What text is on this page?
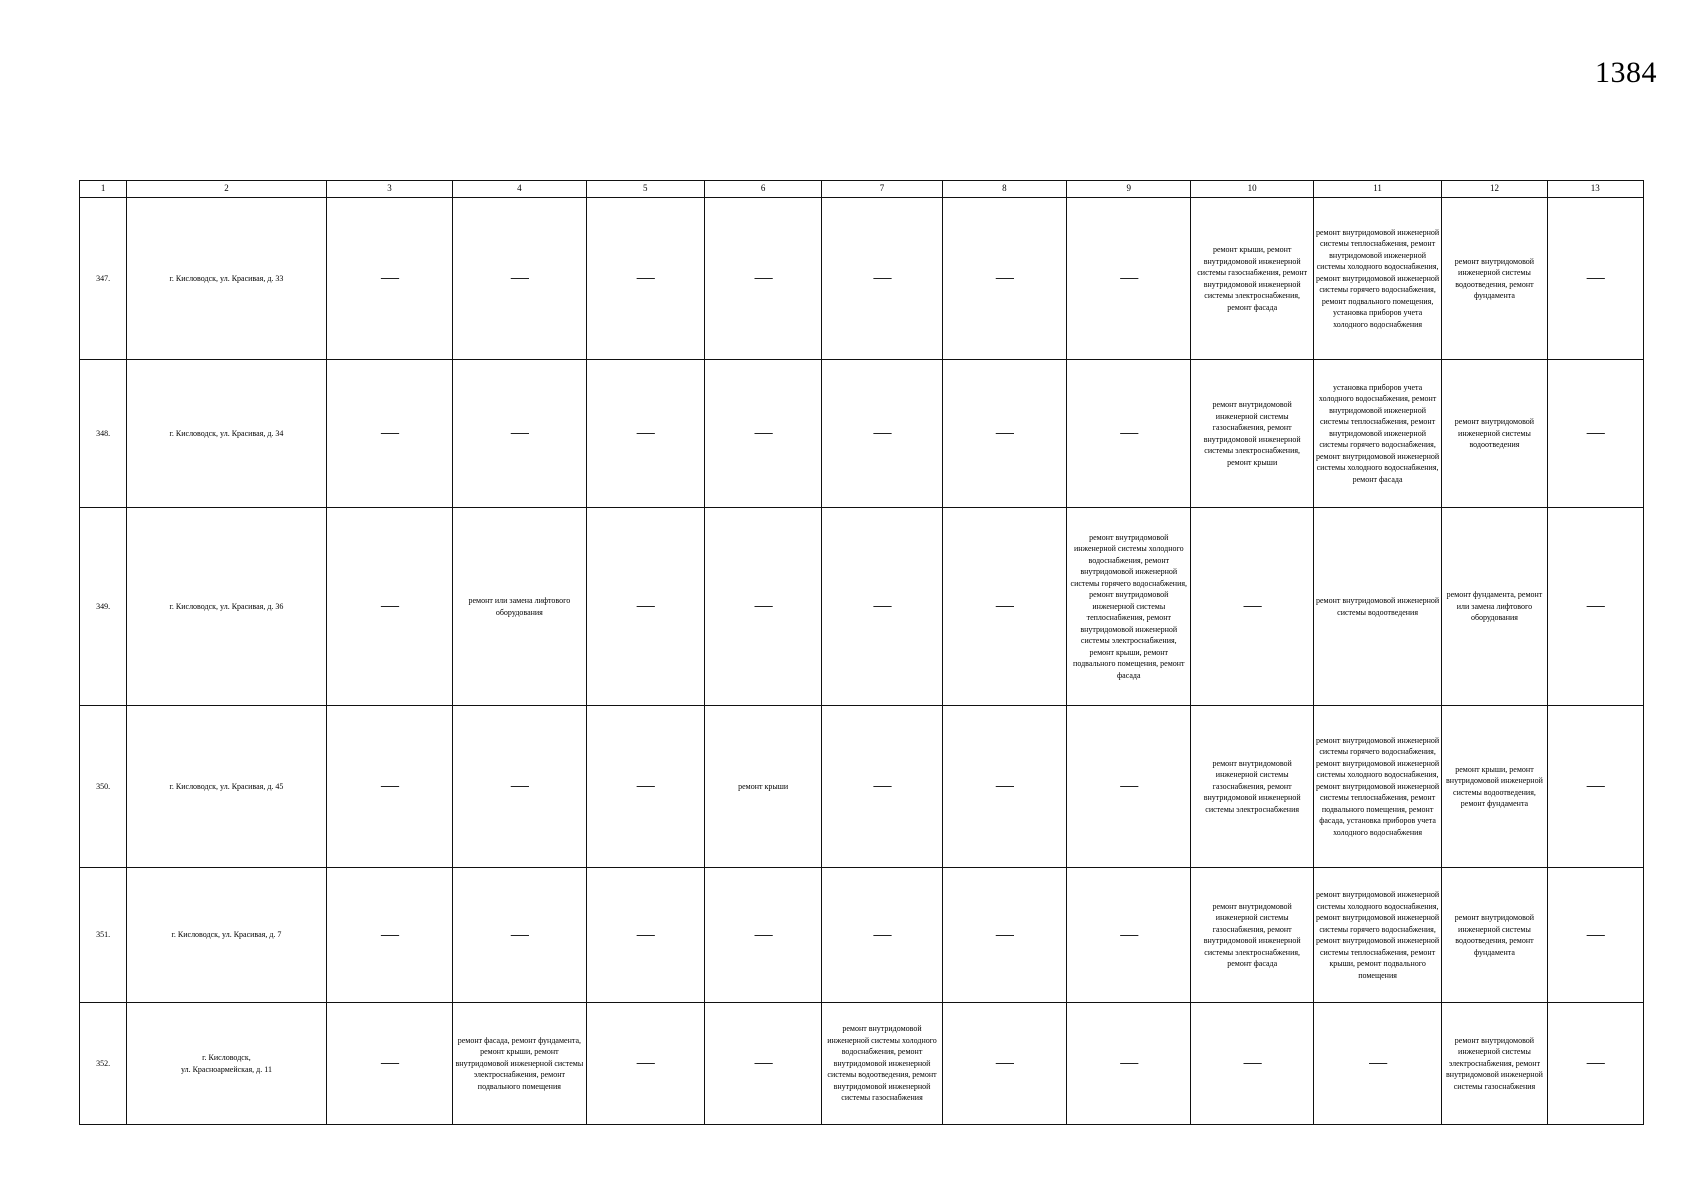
1384
1	2	3	4	5	6	7	8	9	10	11	12	13
347.	г. Кисловодск, ул. Красивая, д. 33	—	—	—	—	—	—	—	ремонт крыши, ремонт внутридомовой инженерной системы газоснабжения, ремонт внутридомовой инженерной системы электроснабжения, ремонт фасада	ремонт внутридомовой инженерной системы теплоснабжения, ремонт внутридомовой инженерной системы холодного водоснабжения, ремонт внутридомовой инженерной системы горячего водоснабжения, ремонт подвального помещения, установка приборов учета холодного водоснабжения	ремонт внутридомовой инженерной системы водоотведения, ремонт фундамента	—
348.	г. Кисловодск, ул. Красивая, д. 34	—	—	—	—	—	—	—	ремонт внутридомовой инженерной системы газоснабжения, ремонт внутридомовой инженерной системы электроснабжения, ремонт крыши	установка приборов учета холодного водоснабжения, ремонт внутридомовой инженерной системы теплоснабжения, ремонт внутридомовой инженерной системы горячего водоснабжения, ремонт внутридомовой инженерной системы холодного водоснабжения, ремонт фасада	ремонт внутридомовой инженерной системы водоотведения	—
349.	г. Кисловодск, ул. Красивая, д. 36	—	ремонт или замена лифтового оборудования	—	—	—	—	ремонт внутридомовой инженерной системы холодного водоснабжения, ремонт внутридомовой инженерной системы горячего водоснабжения, ремонт внутридомовой инженерной системы теплоснабжения, ремонт внутридомовой инженерной системы электроснабжения, ремонт крыши, ремонт подвального помещения, ремонт фасада	—	ремонт внутридомовой инженерной системы водоотведения	ремонт фундамента, ремонт или замена лифтового оборудования	—
350.	г. Кисловодск, ул. Красивая, д. 45	—	—	—	ремонт крыши	—	—	—	ремонт внутридомовой инженерной системы газоснабжения, ремонт внутридомовой инженерной системы электроснабжения	ремонт внутридомовой инженерной системы горячего водоснабжения, ремонт внутридомовой инженерной системы холодного водоснабжения, ремонт внутридомовой инженерной системы теплоснабжения, ремонт подвального помещения, ремонт фасада, установка приборов учета холодного водоснабжения	ремонт крыши, ремонт внутридомовой инженерной системы водоотведения, ремонт фундамента	—
351.	г. Кисловодск, ул. Красивая, д. 7	—	—	—	—	—	—	—	ремонт внутридомовой инженерной системы газоснабжения, ремонт внутридомовой инженерной системы электроснабжения, ремонт фасада	ремонт внутридомовой инженерной системы холодного водоснабжения, ремонт внутридомовой инженерной системы горячего водоснабжения, ремонт внутридомовой инженерной системы теплоснабжения, ремонт крыши, ремонт подвального помещения	ремонт внутридомовой инженерной системы водоотведения, ремонт фундамента	—
352.	г. Кисловодск,
ул. Красноармейская, д. 11	—	ремонт фасада, ремонт фундамента, ремонт крыши, ремонт внутридомовой инженерной системы электроснабжения, ремонт подвального помещения	—	—	ремонт внутридомовой инженерной системы холодного водоснабжения, ремонт внутридомовой инженерной системы водоотведения, ремонт внутридомовой инженерной системы газоснабжения	—	—	—	—	ремонт внутридомовой инженерной системы электроснабжения, ремонт внутридомовой инженерной системы газоснабжения	—
